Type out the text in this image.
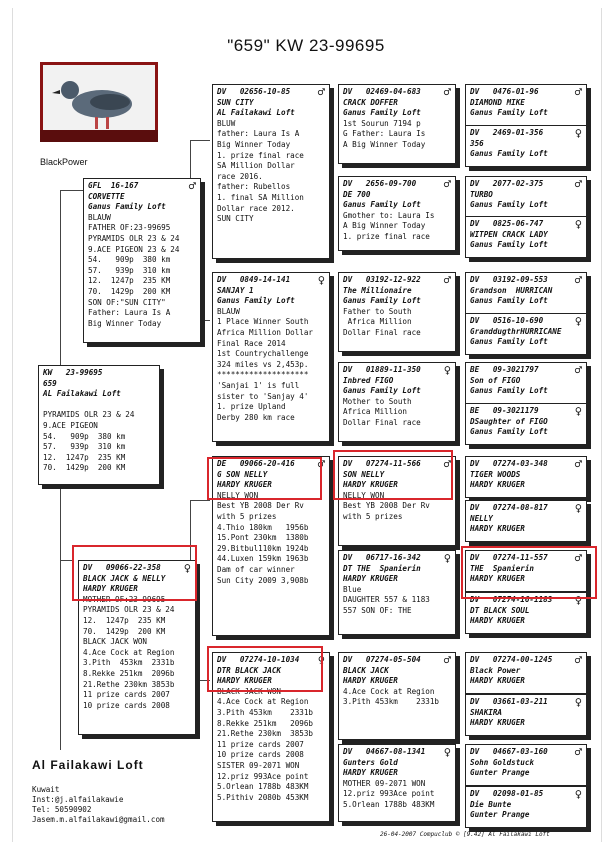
"659" KW 23-99695
BlackPower
DV   02656-10-85 ♂
SUN CITY
AL Failakawi Loft
BLUW
father: Laura Is A
Big Winner Today
1. prize final race
SA Million Dollar
race 2016.
father: Rubellos
1. final SA Million
Dollar race 2012.
SUN CITY
DV   02469-04-683 ♂
CRACK DOFFER
Ganus Family Loft
1st Sourun 7194 p
G Father: Laura Is
A Big Winner Today
DV   2656-09-700 ♂
DE 700
Ganus Family Loft
Gmother to: Laura Is
A Big Winner Today
1. prize final race
DV   0476-01-96	♂
DIAMOND MIKE
Ganus Family Loft
DV   2469-01-356	♀
356
Ganus Family Loft
DV   2077-02-375	♂
TURBO
Ganus Family Loft
DV   0825-06-747	♀
WITPEN CRACK LADY
Ganus Family Loft
DV   0849-14-141 ♀
SANJAY 1
Ganus Family Loft
BLAUW
1 Place Winner South
Africa Million Dollar
Final Race 2014
1st Countrychallenge
324 miles vs 2,453p.
********************
'Sanjai 1' is full
sister to 'Sanjay 4'
1. prize Upland
Derby 280 km race
DV   03192-12-922 ♂
The Millionaire
Ganus Family Loft
Father to South
Africa Million
Dollar Final race
DV   01889-11-350 ♀
Inbred FIGO
Ganus Family Loft
Mother to South
Africa Million
Dollar Final race
DV   03192-09-553 ♂
Grandson  HURRICAN
Ganus Family Loft
DV   0516-10-690	♀
GranddugthrHURRICANE
Ganus Family Loft
BE   09-3021797	♂
Son of FIGO
Ganus Family Loft
BE   09-3021179	♀
DSaughter of FIGO
Ganus Family Loft
KW   23-99695
659
AL Failakawi Loft

PYRAMIDS OLR 23 & 24
9.ACE PIGEON
54.   909p  380 km
57.   939p  310 km
12.  1247p  235 KM
70.  1429p  200 KM
GFL  16-167	♂
CORVETTE
Ganus Family Loft
BLAUW
FATHER OF:23-99695
PYRAMIDS OLR 23 & 24
9.ACE PIGEON 23 & 24
54.   909p  380 km
57.   939p  310 km
12.  1247p  235 KM
70.  1429p  200 KM
SON OF:"SUN CITY"
Father: Laura Is A
Big Winner Today
DV   09066-22-358 ♀
BLACK JACK & NELLY
HARDY KRUGER
MOTHER OF:23-99695
PYRAMIDS OLR 23 & 24
12.  1247p  235 KM
70.  1429p  200 KM
BLACK JACK WON
4.Ace Cock at Region
3.Pith  453km  2331b
8.Rekke 251km  2096b
21.Rethe 230km 3853b
11 prize cards 2007
10 prize cards 2008
DE   09066-20-416 ♂
G SON NELLY
HARDY KRUGER
NELLY WON
Best YB 2008 Der Rv
with 5 prizes
4.Thio 180km   1956b
15.Pont 230km  1380b
29.Bitbul110km 1924b
44.Luxen 159km 1963b
Dam of car winner
Sun City 2009 3,908b
DV   07274-11-566 ♂
SON NELLY
HARDY KRUGER
NELLY WON
Best YB 2008 Der Rv
with 5 prizes
DV   06717-16-342 ♀
DT THE  Spanierin
HARDY KRUGER
Blue
DAUGHTER 557 & 1183
557 SON OF: THE
DV   07274-03-348 ♂
TIGER WOODS
HARDY KRUGER
DV   07274-08-817 ♀
NELLY
HARDY KRUGER
DV   07274-11-557 ♂
THE  Spanierin
HARDY KRUGER
DV   07274-16-1183 ♀
DT BLACK SOUL
HARDY KRUGER
DV   07274-10-1034 ♀
DTR BLACK JACK
HARDY KRUGER
BLACK JACK WON
4.Ace Cock at Region
3.Pith 453km    2331b
8.Rekke 251km   2096b
21.Rethe 230km  3853b
11 prize cards 2007
10 prize cards 2008
SISTER 09-2071 WON
12.priz 993Ace point
5.Orlean 1788b 483KM
5.Pithiv 2080b 453KM
DV   07274-05-504 ♂
BLACK JACK
HARDY KRUGER
4.Ace Cock at Region
3.Pith 453km    2331b
DV   04667-08-1341 ♀
Gunters Gold
HARDY KRUGER
MOTHER 09-2071 WON
12.priz 993Ace point
5.Orlean 1788b 483KM
DV   07274-00-1245 ♂
Black Power
HARDY KRUGER
DV   03661-03-211 ♀
SHAKIRA
HARDY KRUGER
DV   04667-03-160 ♂
Sohn Goldstuck
Gunter Prange
DV   02098-01-85	♀
Die Bunte
Gunter Prange
Al Failakawi Loft
Kuwait
Inst:@j.alfailakawie
Tel: 50590902
Jasem.m.alfailakawi@gmail.com
26-04-2007 Compuclub © [9.42] Al Failakawi Loft
